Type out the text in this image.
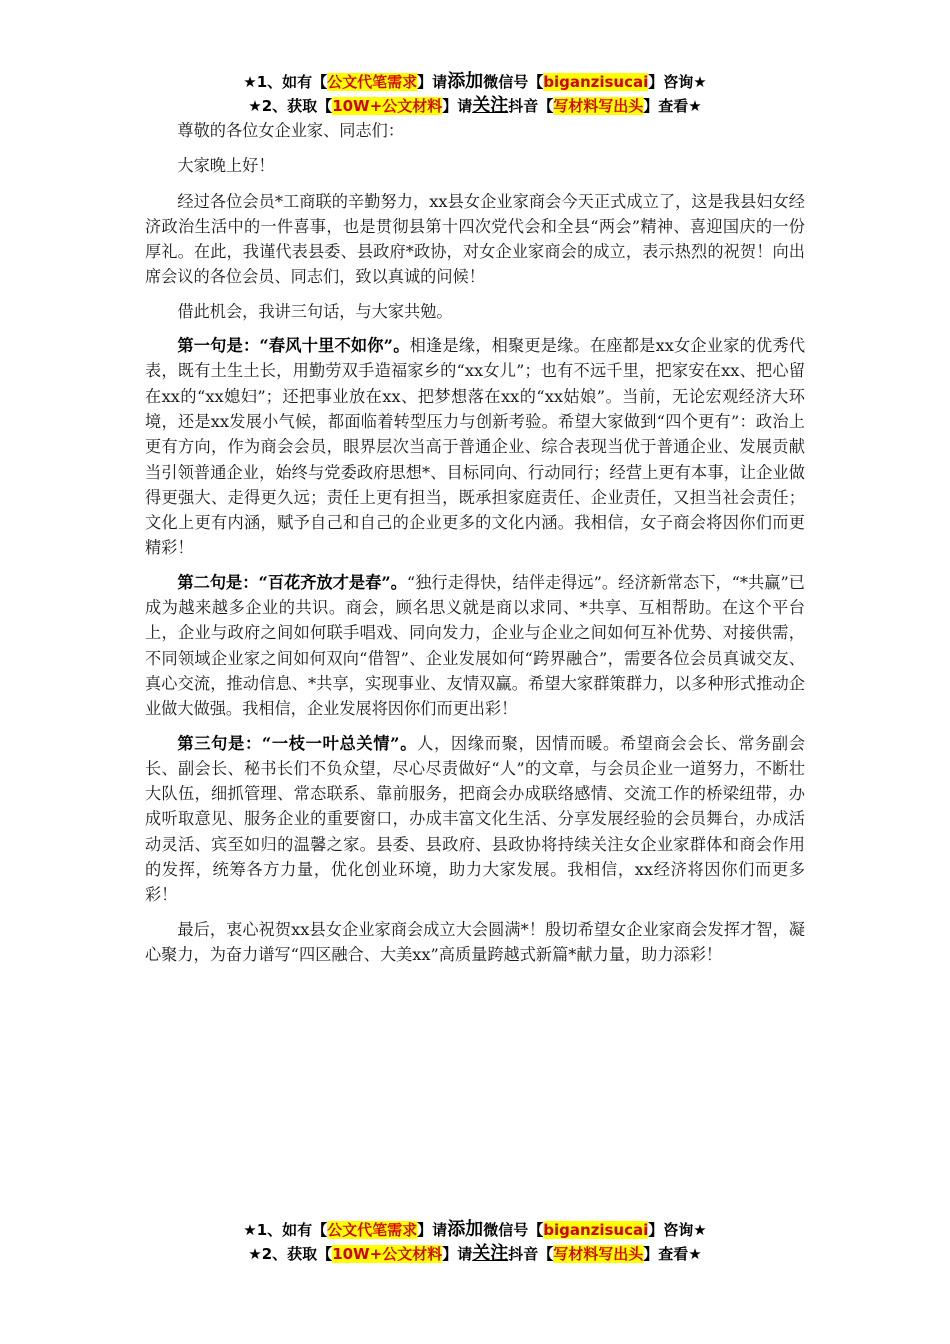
★1、如有【公文代笔需求】请添加微信号【biganzisucai】咨询★
★2、获取【10W+公文材料】请关注抖音【写材料写出头】查看★

尊敬的各位女企业家、同志们：

大家晚上好！

经过各位会员*工商联的辛勤努力，xx县女企业家商会今天正式成立了，这是我县妇女经济政治生活中的一件喜事，也是贯彻县第十四次党代会和全县“两会”精神、喜迎国庆的一份厚礼。在此，我谨代表县委、县政府*政协，对女企业家商会的成立，表示热烈的祝贺！向出席会议的各位会员、同志们，致以真诚的问候！

借此机会，我讲三句话，与大家共勉。

第一句是：“春风十里不如你”。相逢是缘，相聚更是缘。在座都是xx女企业家的优秀代表，既有土生土长，用勤劳双手造福家乡的“xx女儿”；也有不远千里，把家安在xx、把心留在xx的“xx媳妇”；还把事业放在xx、把梦想落在xx的“xx姑娘”。当前，无论宏观经济大环境，还是xx发展小气候，都面临着转型压力与创新考验。希望大家做到“四个更有”：政治上更有方向，作为商会会员，眼界层次当高于普通企业、综合表现当优于普通企业、发展贡献当引领普通企业，始终与党委政府思想*、目标同向、行动同行；经营上更有本事，让企业做得更强大、走得更久远；责任上更有担当，既承担家庭责任、企业责任，又担当社会责任；文化上更有内涵，赋予自己和自己的企业更多的文化内涵。我相信，女子商会将因你们而更精彩！

第二句是：“百花齐放才是春”。“独行走得快，结伴走得远”。经济新常态下，“*共赢”已成为越来越多企业的共识。商会，顾名思义就是商以求同、*共享、互相帮助。在这个平台上，企业与政府之间如何联手唱戏、同向发力，企业与企业之间如何互补优势、对接供需，不同领域企业家之间如何双向“借智”、企业发展如何“跨界融合”，需要各位会员真诚交友、真心交流，推动信息、*共享，实现事业、友情双赢。希望大家群策群力，以多种形式推动企业做大做强。我相信，企业发展将因你们而更出彩！

第三句是：“一枝一叶总关情”。人，因缘而聚，因情而暖。希望商会会长、常务副会长、副会长、秘书长们不负众望，尽心尽责做好“人”的文章，与会员企业一道努力，不断壮大队伍，细抓管理、常态联系、靠前服务，把商会办成联络感情、交流工作的桥梁纽带，办成听取意见、服务企业的重要窗口，办成丰富文化生活、分享发展经验的会员舞台，办成活动灵活、宾至如归的温馨之家。县委、县政府、县政协将持续关注女企业家群体和商会作用的发挥，统筹各方力量，优化创业环境，助力大家发展。我相信，xx经济将因你们而更多彩！

最后，衷心祝贺xx县女企业家商会成立大会圆满*！殷切希望女企业家商会发挥才智，凝心聚力，为奋力谱写“四区融合、大美xx”高质量跨越式新篇*献力量，助力添彩！

★1、如有【公文代笔需求】请添加微信号【biganzisucai】咨询★
★2、获取【10W+公文材料】请关注抖音【写材料写出头】查看★
